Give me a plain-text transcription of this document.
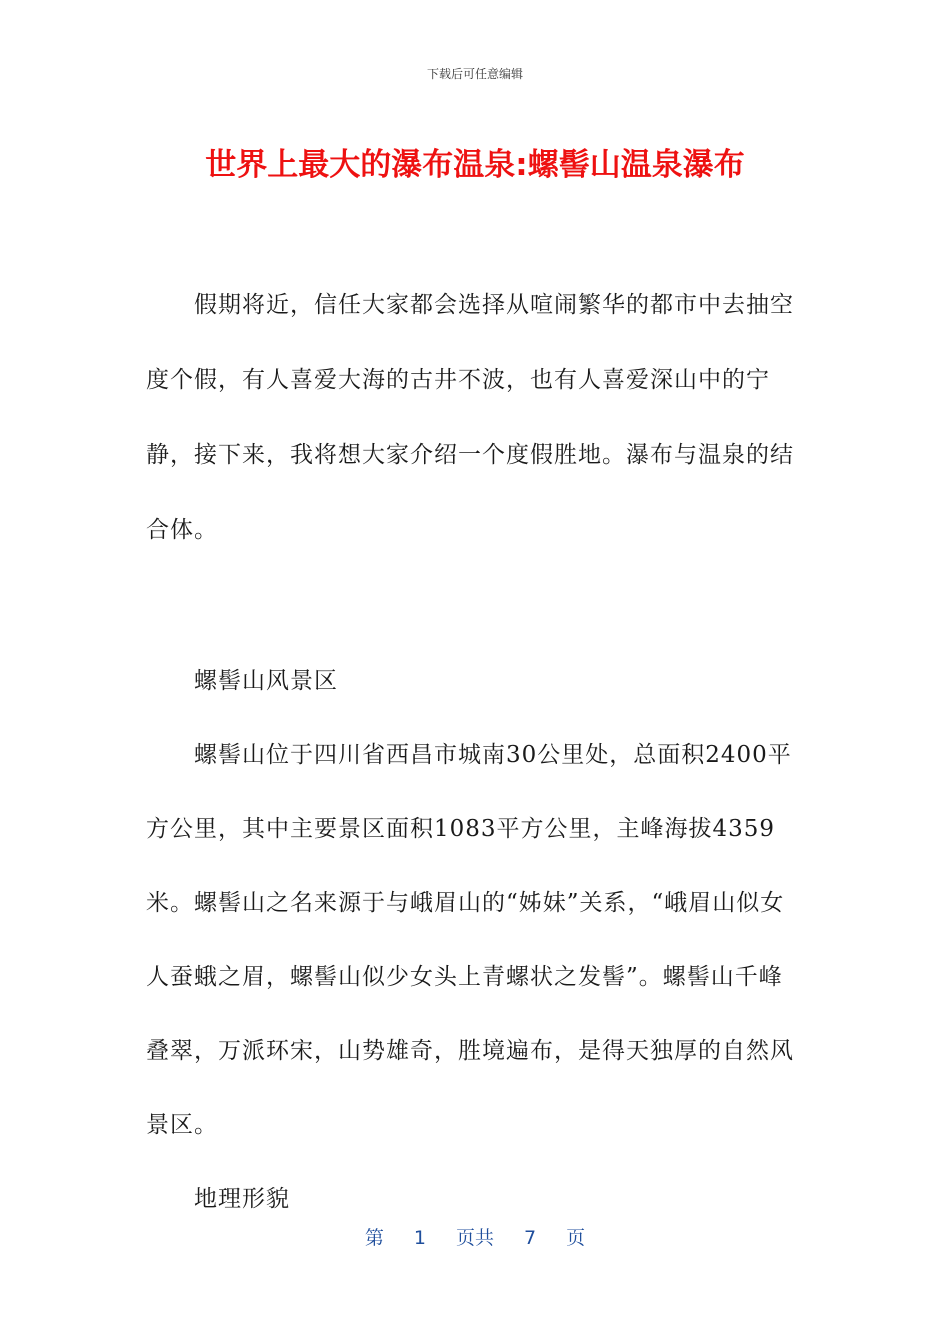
下载后可任意编辑
世界上最大的瀑布温泉:螺髻山温泉瀑布

假期将近，信任大家都会选择从喧闹繁华的都市中去抽空度个假，有人喜爱大海的古井不波，也有人喜爱深山中的宁静，接下来，我将想大家介绍一个度假胜地。瀑布与温泉的结合体。

螺髻山风景区

螺髻山位于四川省西昌市城南30公里处，总面积2400平方公里，其中主要景区面积1083平方公里，主峰海拔4359米。螺髻山之名来源于与峨眉山的“姊妹”关系，“峨眉山似女人蚕蛾之眉，螺髻山似少女头上青螺状之发髻”。螺髻山千峰叠翠，万派环宋，山势雄奇，胜境遍布，是得天独厚的自然风景区。

地理形貌

第 1 页共 7 页
